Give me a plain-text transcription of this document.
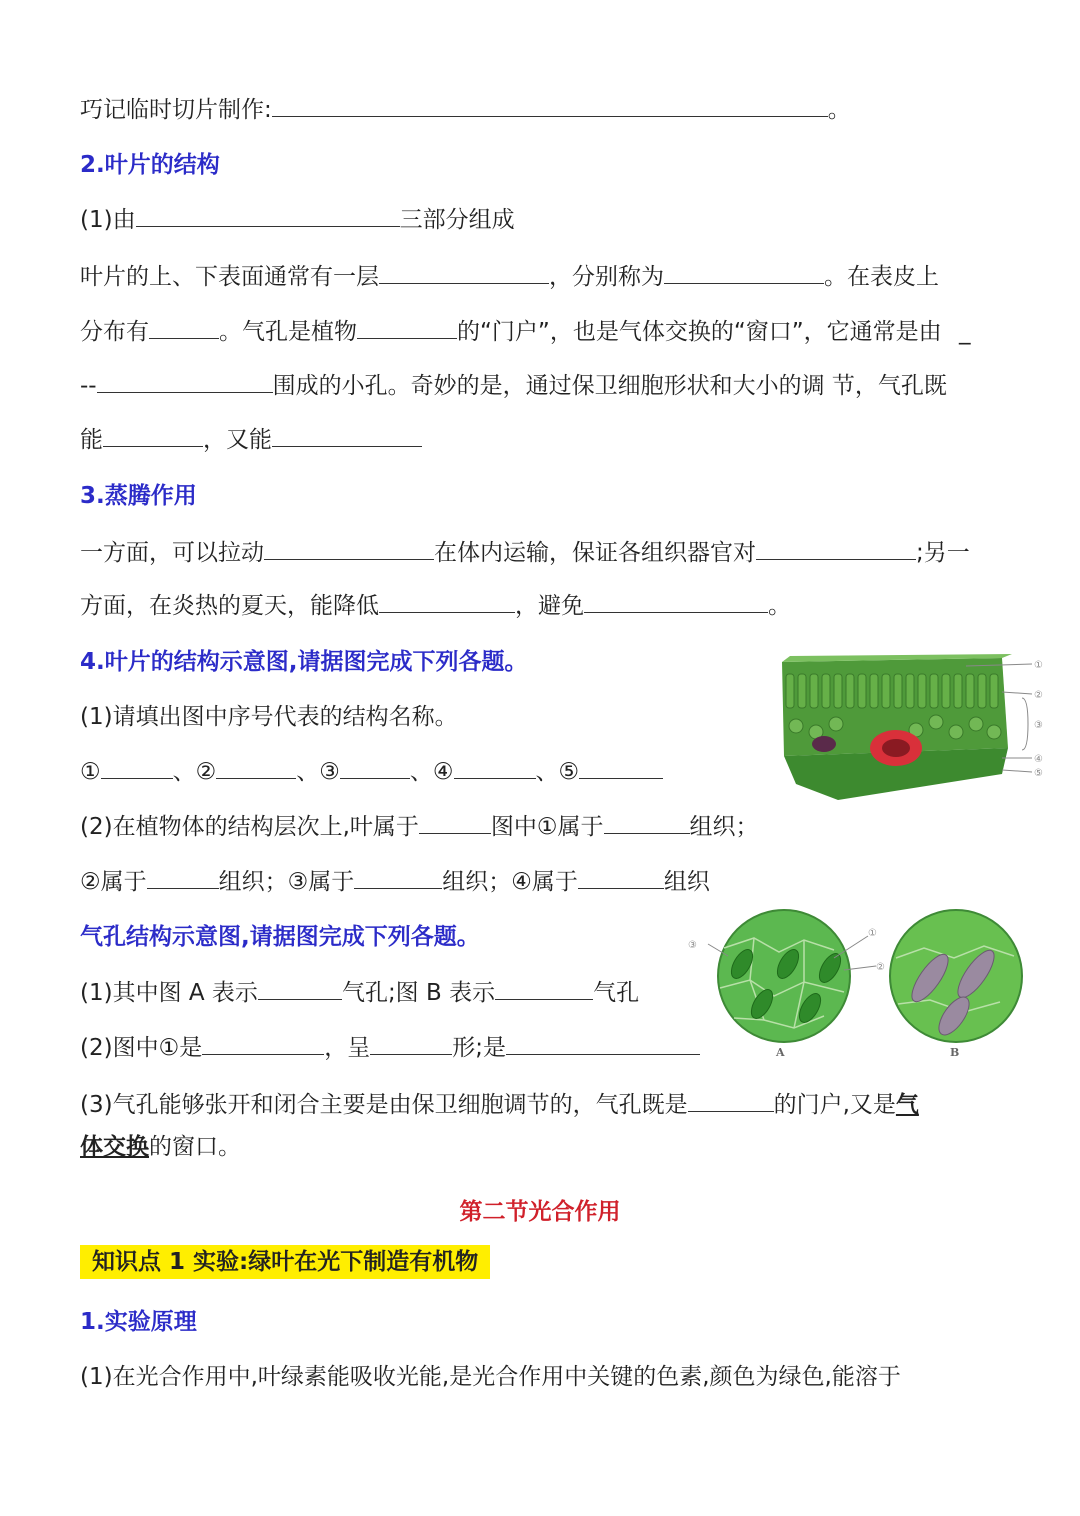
巧记临时切片制作:	。
2.叶片的结构
(1)由	三部分组成
叶片的上、下表面通常有一层	，分别称为	。在表皮上
分布有	。气孔是植物	的“门户”，也是气体交换的“窗口”，它通常是由 _
--	围成的小孔。奇妙的是，通过保卫细胞形状和大小的调 节，气孔既
能	，又能
3.蒸腾作用
一方面，可以拉动	在体内运输，保证各组织器官对	;另一
方面，在炎热的夏天，能降低	，避免	。
4.叶片的结构示意图,请据图完成下列各题。
(1)请填出图中序号代表的结构名称。
①	、②	、③	、④	、⑤
(2)在植物体的结构层次上,叶属于	图中①属于	组织；
②属于	组织；③属于	组织；④属于	组织
气孔结构示意图,请据图完成下列各题。
(1)其中图 A 表示	气孔;图 B 表示	气孔
(2)图中①是	，呈	形;是
(3)气孔能够张开和闭合主要是由保卫细胞调节的，气孔既是	的门户,又是气
体交换的窗口。
第二节光合作用
知识点 1 实验:绿叶在光下制造有机物
1.实验原理
(1)在光合作用中,叶绿素能吸收光能,是光合作用中关键的色素,颜色为绿色,能溶于
①
②
③
④
⑤
③
①
②
A	B
